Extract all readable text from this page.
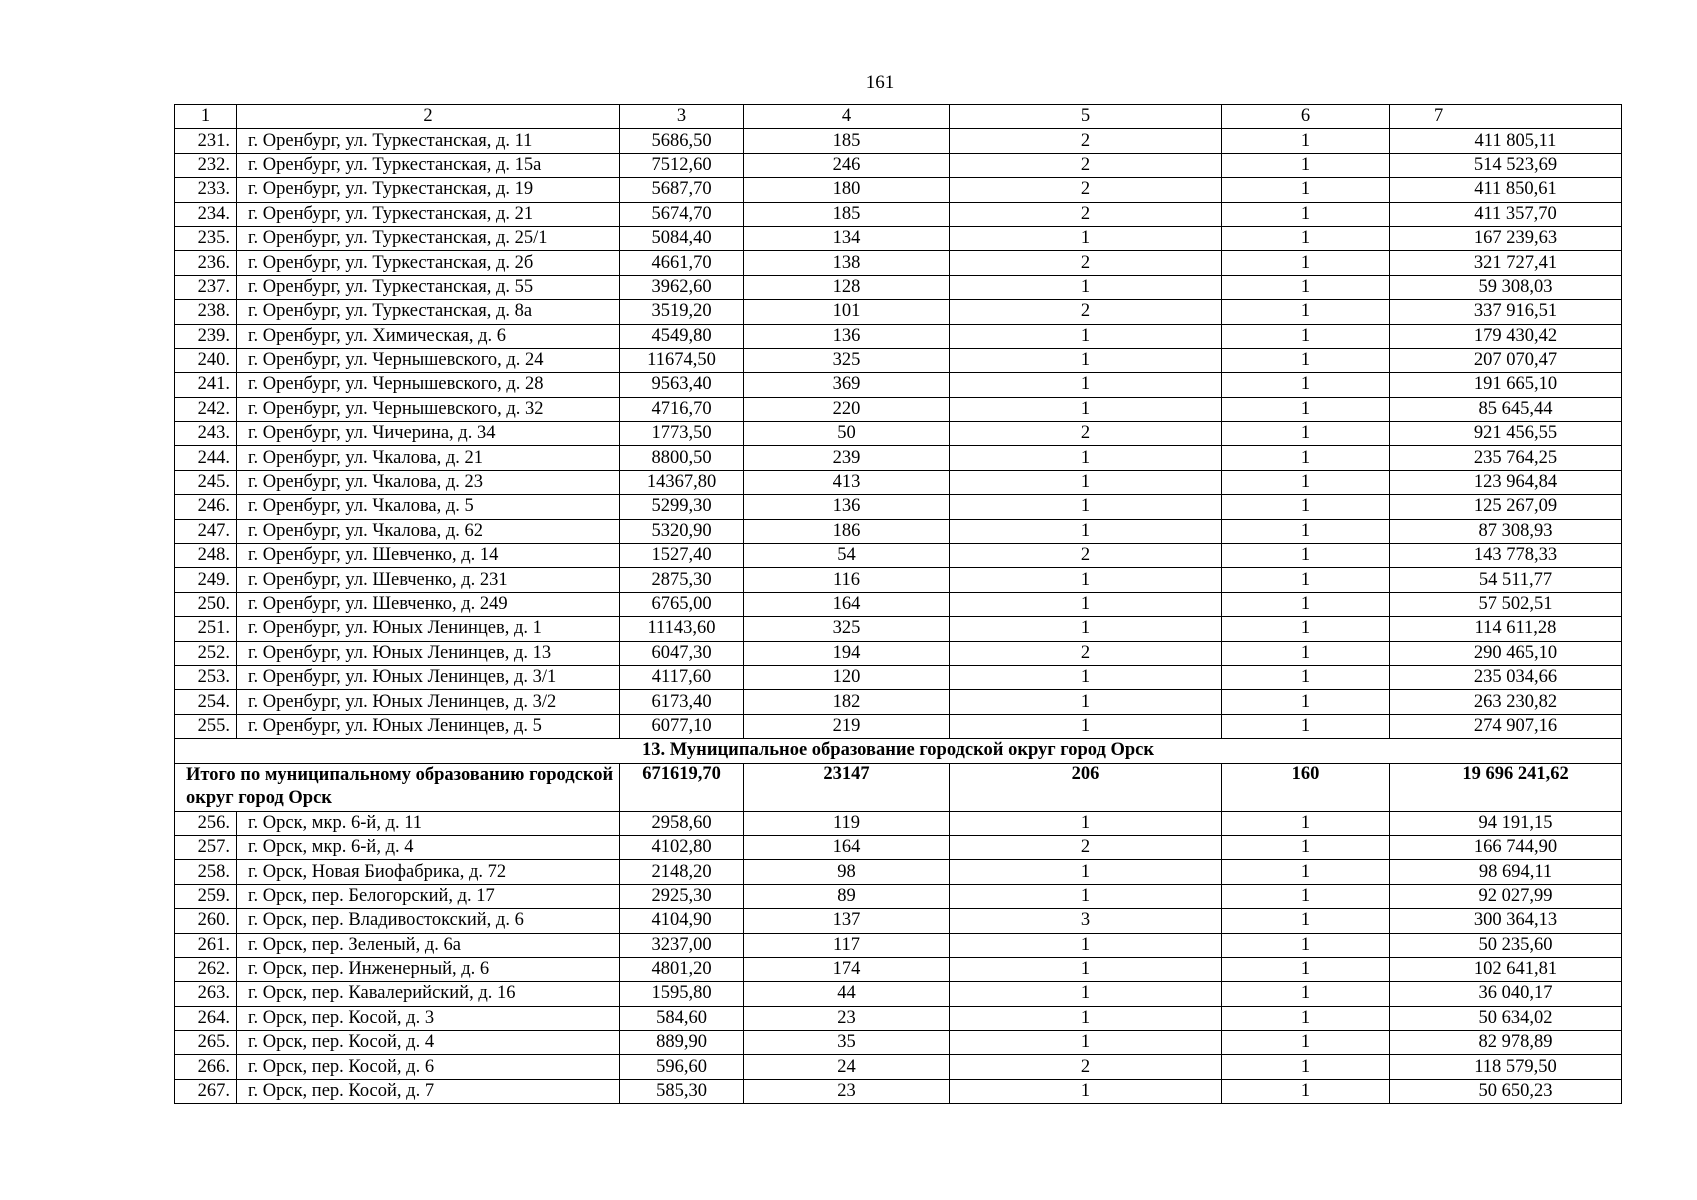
161
1	2	3	4	5	6	7
231.	г. Оренбург, ул. Туркестанская, д. 11	5686,50	185	2	1	411 805,11
232.	г. Оренбург, ул. Туркестанская, д. 15а	7512,60	246	2	1	514 523,69
233.	г. Оренбург, ул. Туркестанская, д. 19	5687,70	180	2	1	411 850,61
234.	г. Оренбург, ул. Туркестанская, д. 21	5674,70	185	2	1	411 357,70
235.	г. Оренбург, ул. Туркестанская, д. 25/1	5084,40	134	1	1	167 239,63
236.	г. Оренбург, ул. Туркестанская, д. 2б	4661,70	138	2	1	321 727,41
237.	г. Оренбург, ул. Туркестанская, д. 55	3962,60	128	1	1	59 308,03
238.	г. Оренбург, ул. Туркестанская, д. 8а	3519,20	101	2	1	337 916,51
239.	г. Оренбург, ул. Химическая, д. 6	4549,80	136	1	1	179 430,42
240.	г. Оренбург, ул. Чернышевского, д. 24	11674,50	325	1	1	207 070,47
241.	г. Оренбург, ул. Чернышевского, д. 28	9563,40	369	1	1	191 665,10
242.	г. Оренбург, ул. Чернышевского, д. 32	4716,70	220	1	1	85 645,44
243.	г. Оренбург, ул. Чичерина, д. 34	1773,50	50	2	1	921 456,55
244.	г. Оренбург, ул. Чкалова, д. 21	8800,50	239	1	1	235 764,25
245.	г. Оренбург, ул. Чкалова, д. 23	14367,80	413	1	1	123 964,84
246.	г. Оренбург, ул. Чкалова, д. 5	5299,30	136	1	1	125 267,09
247.	г. Оренбург, ул. Чкалова, д. 62	5320,90	186	1	1	87 308,93
248.	г. Оренбург, ул. Шевченко, д. 14	1527,40	54	2	1	143 778,33
249.	г. Оренбург, ул. Шевченко, д. 231	2875,30	116	1	1	54 511,77
250.	г. Оренбург, ул. Шевченко, д. 249	6765,00	164	1	1	57 502,51
251.	г. Оренбург, ул. Юных Ленинцев, д. 1	11143,60	325	1	1	114 611,28
252.	г. Оренбург, ул. Юных Ленинцев, д. 13	6047,30	194	2	1	290 465,10
253.	г. Оренбург, ул. Юных Ленинцев, д. 3/1	4117,60	120	1	1	235 034,66
254.	г. Оренбург, ул. Юных Ленинцев, д. 3/2	6173,40	182	1	1	263 230,82
255.	г. Оренбург, ул. Юных Ленинцев, д. 5	6077,10	219	1	1	274 907,16
13. Муниципальное образование городской округ город Орск						
Итого по муниципальному образованию городской округ город Орск		671619,70	23147	206	160	19 696 241,62
256.	г. Орск, мкр. 6-й, д. 11	2958,60	119	1	1	94 191,15
257.	г. Орск, мкр. 6-й, д. 4	4102,80	164	2	1	166 744,90
258.	г. Орск, Новая Биофабрика, д. 72	2148,20	98	1	1	98 694,11
259.	г. Орск, пер. Белогорский, д. 17	2925,30	89	1	1	92 027,99
260.	г. Орск, пер. Владивостокский, д. 6	4104,90	137	3	1	300 364,13
261.	г. Орск, пер. Зеленый, д. 6а	3237,00	117	1	1	50 235,60
262.	г. Орск, пер. Инженерный, д. 6	4801,20	174	1	1	102 641,81
263.	г. Орск, пер. Кавалерийский, д. 16	1595,80	44	1	1	36 040,17
264.	г. Орск, пер. Косой, д. 3	584,60	23	1	1	50 634,02
265.	г. Орск, пер. Косой, д. 4	889,90	35	1	1	82 978,89
266.	г. Орск, пер. Косой, д. 6	596,60	24	2	1	118 579,50
267.	г. Орск, пер. Косой, д. 7	585,30	23	1	1	50 650,23
